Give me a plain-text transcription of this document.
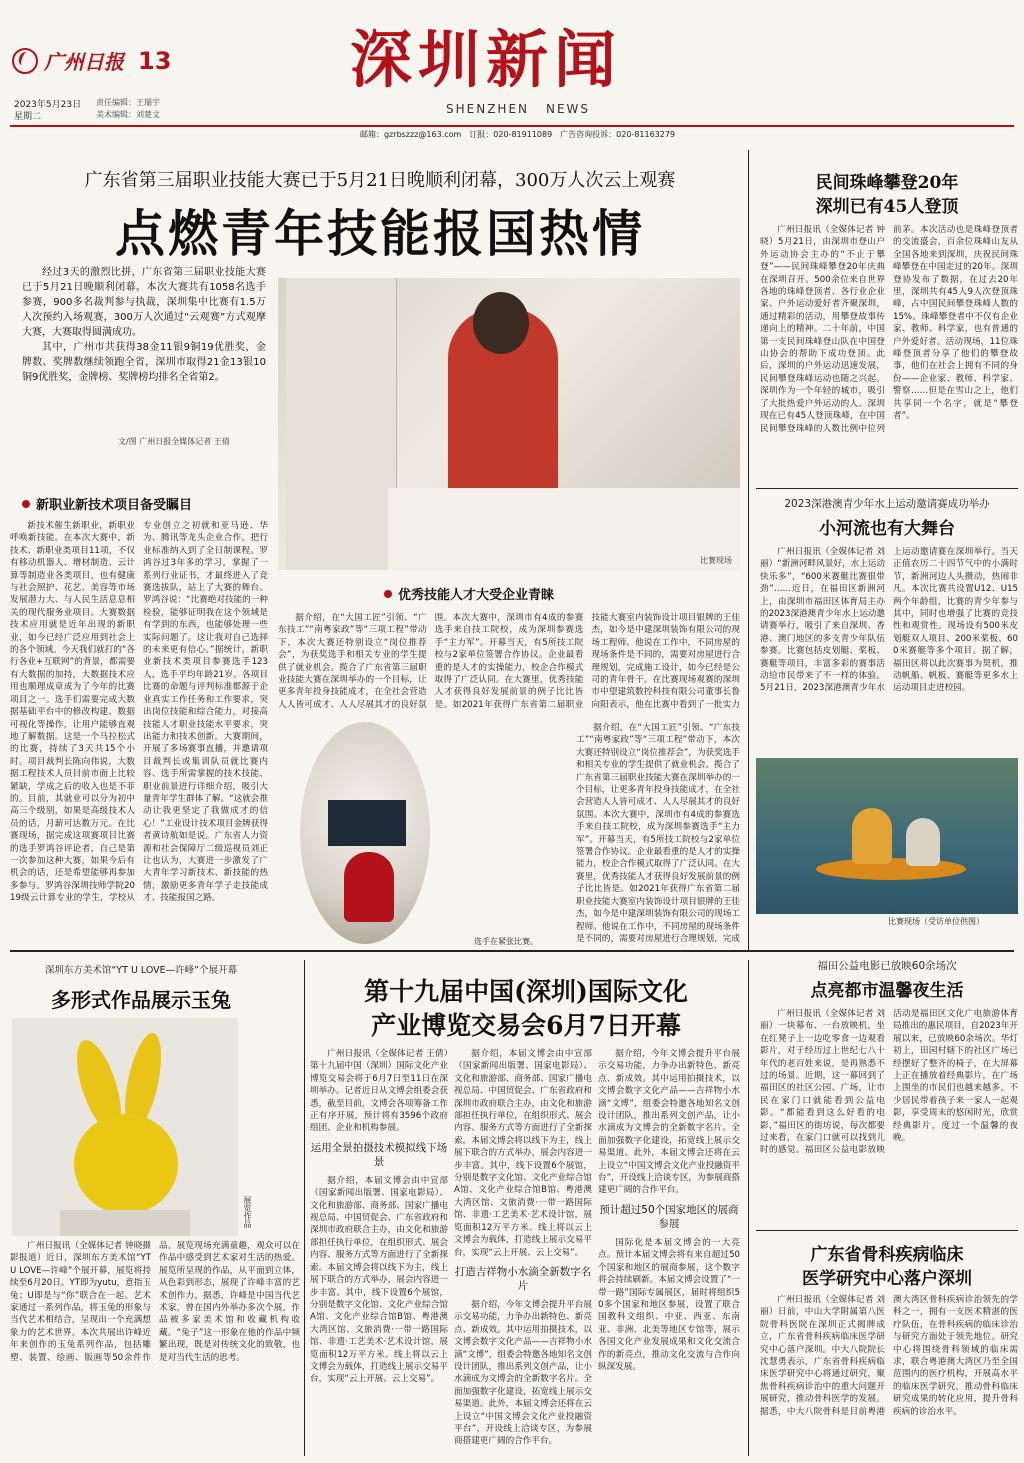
广州日报 13	深圳新闻
SHENZHEN NEWS
2023年5月23日
星期二
责任编辑：王瑞宇
美术编辑：刘楚文
邮箱：gzrbszzz@163.com　订报：020-81911089　广告咨询投诉：020-81163279
广东省第三届职业技能大赛已于5月21日晚顺利闭幕，300万人次云上观赛
点燃青年技能报国热情

经过3天的激烈比拼，广东省第三届职业技能大赛已于5月21日晚顺利闭幕。本次大赛共有1058名选手参赛，900多名裁判参与执裁，深圳集中比赛有1.5万人次预约入场观赛，300万人次通过“云观赛”方式观摩大赛，大赛取得圆满成功。

其中，广州市共获得38金11银9铜19优胜奖，金牌数、奖牌数继续领跑全省，深圳市取得21金13银10铜9优胜奖，金牌榜、奖牌榜均排名全省第2。

文/图 广州日报全媒体记者 王倩
比赛现场
新职业新技术项目备受瞩目

新技术催生新职业，新职业呼唤新技能。在本次大赛中，新技术、新职业类项目11项，不仅有移动机器人、增材制造、云计算等制造业各类项目，也有健康与社会照护、花艺、美容等市场发展潜力大、与人民生活息息相关的现代服务业项目。大赛数据技术应用就是近年出现的新职业，如今已经广泛应用到社会上的各个领域。今天我们就打的“各行各业+互联网”的背景，都需要有大数据的加持，大数据技术应用也顺理成章成为了今年的比赛项目之一。选手们需要完成大数据基础平台中的修改构建、数据可视化等操作，让用户能够直观地了解数据。这是一个马拉松式的比赛，持续了3天共15个小时。项目裁判长陈向伟说，大数据工程技术人员目前市面上比较紧缺，学成之后的收入也是不菲的。目前，其就业可以分为初中高三个级别，如果是高级技术人员的话，月薪可达数万元。在比赛现场，据完成这项赛项目比赛的选手罗鸿谷评论者，自己是第一次参加这种大赛，如果今后有机会的话，还是希望能够再参加多参与。罗鸿谷深圳技师学院2019级云计算专业的学生，学校从专业创立之初就和亚马逊、华为、腾讯等龙头企业合作，把行业标准纳入到了全日制课程。罗鸿谷过3年多的学习，掌握了一系列行业证书，才最终进入了竞赛选拔队，站上了大赛的舞台。罗鸿谷说：“比赛绝对技能的一种检验，能够证明我在这个领域是有学到的东西，也能够处理一些实际问题了。这让我对自己选择的未来更有信心。”据统计，新职业新技术类项目参赛选手123人，选手平均年龄21岁。各项目比赛的命题与评判标准都源于企业真实工作任务和工作要求，突出岗位技能和综合能力，对接高技能人才职业技能水平要求，突出能力和技术创新。大赛期间，开展了多场赛事直播，并邀请项目裁判长或集训队员就比赛内容、选手所需掌握的技术技能、职业前景进行详细介绍，吸引大量青年学生群体了解。“这就会推动让我更坚定了我做成才的信心！”工业设计技术项目金牌获得者黄诗航如是说。广东省人力资源和社会保障厅二级巡视员刘正让也认为，大赛进一步激发了广大青年学习新技术、新技能的热情，激励更多青年学子走技能成才、技能报国之路。

优秀技能人才大受企业青睐

据介绍，在“大国工匠”引领、“广东技工”“南粤家政”等“三项工程”带动下，本次大赛还特别设立“岗位推荐会”，为获奖选手和相关专业的学生提供了就业机会。揽合了广东省第三届职业技能大赛在深圳举办的一个目标，让更多青年投身技能成才，在全社会营造人人皆可成才、人人尽展其才的良好氛围。本次大赛中，深圳市有4成的参赛选手来自技工院校，成为深圳参赛选手“主力军”。开幕当天，有5所技工院校与2家单位签署合作协议。企业最看重的是人才的实操能力，校企合作模式取得了广泛认同。在大赛里，优秀技能人才获得良好发展前景的例子比比皆是。如2021年获得广东省第二届职业技能大赛室内装饰设计项目银牌的王佳杰，如今是中建深圳装饰有限公司的现场工程师。他说在工作中，不同房屋的现场条件是不同的，需要对房屋进行合理规划，完成施工设计，如今已经是公司的青年骨干。在比赛现场观赛的深圳市中望建筑数控科技有限公司董事长鲁向阳表示，他在比赛中看到了一批实力

选手在紧张比赛。

据介绍，在“大国工匠”引领、“广东技工”“南粤家政”等“三项工程”带动下，本次大赛还特别设立“岗位推荐会”，为获奖选手和相关专业的学生提供了就业机会。揽合了广东省第三届职业技能大赛在深圳举办的一个目标，让更多青年投身技能成才，在全社会营造人人皆可成才、人人尽展其才的良好氛围。本次大赛中，深圳市有4成的参赛选手来自技工院校，成为深圳参赛选手“主力军”。开幕当天，有5所技工院校与2家单位签署合作协议。企业最看重的是人才的实操能力，校企合作模式取得了广泛认同。在大赛里，优秀技能人才获得良好发展前景的例子比比皆是。如2021年获得广东省第二届职业技能大赛室内装饰设计项目银牌的王佳杰，如今是中建深圳装饰有限公司的现场工程师。他说在工作中，不同房屋的现场条件是不同的，需要对房屋进行合理规划，完成

民间珠峰攀登20年
深圳已有45人登顶

广州日报讯（全媒体记者 钟晓）5月21日，由深圳市登山户外运动协会主办的“不止于攀登”——民间珠峰攀登20年庆典在深圳召开。500余位来自世界各地的珠峰登顶者、各行业企业家、户外运动爱好者齐聚深圳，通过精彩的活动，用攀登故事传递向上的精神。二十年前，中国第一支民间珠峰登山队在中国登山协会的帮助下成功登顶。此后，深圳的户外运动迅速发展，民间攀登珠峰运动也随之兴起。深圳作为一个年轻的城市，吸引了大批热爱户外运动的人。深圳现在已有45人登顶珠峰，在中国民间攀登珠峰的人数比例中位列前茅。本次活动也是珠峰登顶者的交流盛会，百余位珠峰山友从全国各地来到深圳，庆祝民间珠峰攀登在中国走过的20年。深圳登协发布了数据，在过去20年里，深圳共有45人9人次登顶珠峰，占中国民间攀登珠峰人数的15%。珠峰攀登者中不仅有企业家、教师、科学家，也有普通的户外爱好者。活动现场，11位珠峰登顶者分享了他们的攀登故事，他们在社会上拥有不同的身份——企业家、教师、科学家、警察……但是在雪山之上，他们共享同一个名字，就是“攀登者”。

2023深港澳青少年水上运动邀请赛成功举办
小河流也有大舞台

广州日报讯（全媒体记者 刘丽）“新洲河畔风景好，水上运动快乐多”，“600米赛艇比赛很带劲”……近日，在福田区新洲河上，由深圳市福田区体育局主办的2023深港澳青少年水上运动邀请赛举行，吸引了来自深圳、香港、澳门地区的多支青少年队伍参赛。比赛包括皮划艇、桨板、赛艇等项目，丰富多彩的赛事活动给市民带来了不一样的体验。5月21日，2023深港澳青少年水上运动邀请赛在深圳举行。当天正值农历二十四节气中的小满时节，新洲河边人头攒动，热闹非凡。本次比赛共设置U12、U15两个年龄组，比赛的青少年参与其中，同时也增强了比赛的竞技性和观赏性。现场设有500米皮划艇双人项目、200米桨板、600米赛艇等多个项目。据了解，福田区将以此次赛事为契机，推动帆船、帆板、赛艇等更多水上运动项目走进校园。

比赛现场（受访单位供图）
深圳东方美术馆“YT U LOVE—许峰”个展开幕
多形式作品展示玉兔
展览作品

广州日报讯（全媒体记者 钟晓摄影报道）近日，深圳东方美术馆“YT U LOVE—许峰”个展开幕，展览将持续至6月20日。YT即为yutu，意指玉兔；U即是与“你”联合在一起。艺术家通过一系列作品，将玉兔的形象与当代艺术相结合，呈现出一个充满想象力的艺术世界。本次共展出许峰近年来创作的玉兔系列作品，包括雕塑、装置、绘画、版画等50余件作品。展览现场充满童趣，观众可以在作品中感受到艺术家对生活的热爱。展览所呈现的作品，从平面到立体，从色彩到形态，展现了许峰丰富的艺术创作力。据悉，许峰是中国当代艺术家，曾在国内外举办多次个展，作品被多家美术馆和收藏机构收藏。“兔子”这一形象在他的作品中频繁出现，既是对传统文化的致敬，也是对当代生活的思考。

第十九届中国(深圳)国际文化
产业博览交易会6月7日开幕

广州日报讯（全媒体记者 王倩）第十九届中国（深圳）国际文化产业博览交易会将于6月7日至11日在深圳举办。记者近日从文博会组委会获悉，截至目前，文博会各项筹备工作正有序开展，预计将有3596个政府组团、企业和机构参展。

运用全景拍摄技术模拟线下场景

据介绍，本届文博会由中宣部（国家新闻出版署、国家电影局）、文化和旅游部、商务部、国家广播电视总局、中国贸促会、广东省政府和深圳市政府联合主办，由文化和旅游部担任执行单位，在组织形式、展会内容、服务方式等方面进行了全新探索。本届文博会将以线下为主，线上展下联合的方式举办，展会内容进一步丰富。其中，线下设置6个展馆，分别是数字文化馆、文化产业综合馆A馆、文化产业综合馆B馆、粤港澳大湾区馆、文旅消费·一带一路国际馆、非遗·工艺美术·艺术设计馆，展览面积12万平方米。线上将以云上文博会为载体，打造线上展示交易平台，实现“云上开展、云上交易”。

据介绍，本届文博会由中宣部（国家新闻出版署、国家电影局）、文化和旅游部、商务部、国家广播电视总局、中国贸促会、广东省政府和深圳市政府联合主办，由文化和旅游部担任执行单位，在组织形式、展会内容、服务方式等方面进行了全新探索。本届文博会将以线下为主，线上展下联合的方式举办，展会内容进一步丰富。其中，线下设置6个展馆，分别是数字文化馆、文化产业综合馆A馆、文化产业综合馆B馆、粤港澳大湾区馆、文旅消费·一带一路国际馆、非遗·工艺美术·艺术设计馆，展览面积12万平方米。线上将以云上文博会为载体，打造线上展示交易平台，实现“云上开展、云上交易”。

打造吉祥物小水滴全新数字名片

据介绍，今年文博会提升平台展示交易功能，力争办出新特色、新亮点、新成效。其中运用拍摄技术，以文博会数字文化产品——吉祥物小水滴“文博”，组委会特邀各地知名文创设计团队，推出系列文创产品，让小水滴成为文博会的全新数字名片。全面加强数字化建设，拓宽线上展示交易渠道。此外，本届文博会还将在云上设立“中国文博会文化产业投融资平台”，开设线上洽谈专区，为参展商搭建更广阔的合作平台。

据介绍，今年文博会提升平台展示交易功能，力争办出新特色、新亮点、新成效。其中运用拍摄技术，以文博会数字文化产品——吉祥物小水滴“文博”，组委会特邀各地知名文创设计团队，推出系列文创产品，让小水滴成为文博会的全新数字名片。全面加强数字化建设，拓宽线上展示交易渠道。此外，本届文博会还将在云上设立“中国文博会文化产业投融资平台”，开设线上洽谈专区，为参展商搭建更广阔的合作平台。

预计超过50个国家地区的展商参展

国际化是本届文博会的一大亮点。预计本届文博会将有来自超过50个国家和地区的展商参展，这个数字将会持续刷新。本届文博会设置了“一带一路”国际专属展区，届时将组织50多个国家和地区参展，设置了联合国教科文组织、中亚、西亚、东南亚、非洲、北美等地区专馆等，展示各国文化产业发展成果和文化交流合作的新亮点，推动文化交流与合作向纵深发展。

福田公益电影已放映60余场次
点亮都市温馨夜生活

广州日报讯（全媒体记者 刘丽）一块幕布、一台放映机，坐在红凳子上一边吃零食一边观看影片，对于经历过上世纪七八十年代的老百姓来说，是再熟悉不过的场景。近期，这一幕回到了福田区的社区公园、广场，让市民在家门口就能看到公益电影。“都能看到这么好看的电影，”福田区的街坊说，每次都要过来看，在家门口就可以找到儿时的感觉。福田区公益电影放映活动是福田区文化广电旅游体育局推出的惠民项目，自2023年开展以来，已放映60余场次。华灯初上，田园村辖下的社区广场已经摆好了整齐的椅子，在大屏幕上正在播放着经典影片，在广场上围坐的市民们也越来越多，不少居民带着孩子来一家人一起观影，享受周末的悠闲时光，欣赏经典影片，度过一个温馨的夜晚。

广东省骨科疾病临床
医学研究中心落户深圳

广州日报讯（全媒体记者 刘丽）日前，中山大学附属第八医院骨科医院在深圳正式揭牌成立，广东省骨科疾病临床医学研究中心落户深圳。中大八院院长沈慧勇表示，广东省骨科疾病临床医学研究中心将通过研究，聚焦骨科疾病诊治中的重大问题开展研究，推动骨科医学的发展。据悉，中大八院骨科是目前粤港澳大湾区骨科疾病诊治领先的学科之一，拥有一支医术精湛的医疗队伍，在骨科疾病的临床诊治与研究方面处于领先地位。研究中心将围绕骨科领域的临床需求，联合粤港澳大湾区乃至全国范围内的医疗机构，开展高水平的临床医学研究，推动骨科临床研究成果的转化应用，提升骨科疾病的诊治水平。
